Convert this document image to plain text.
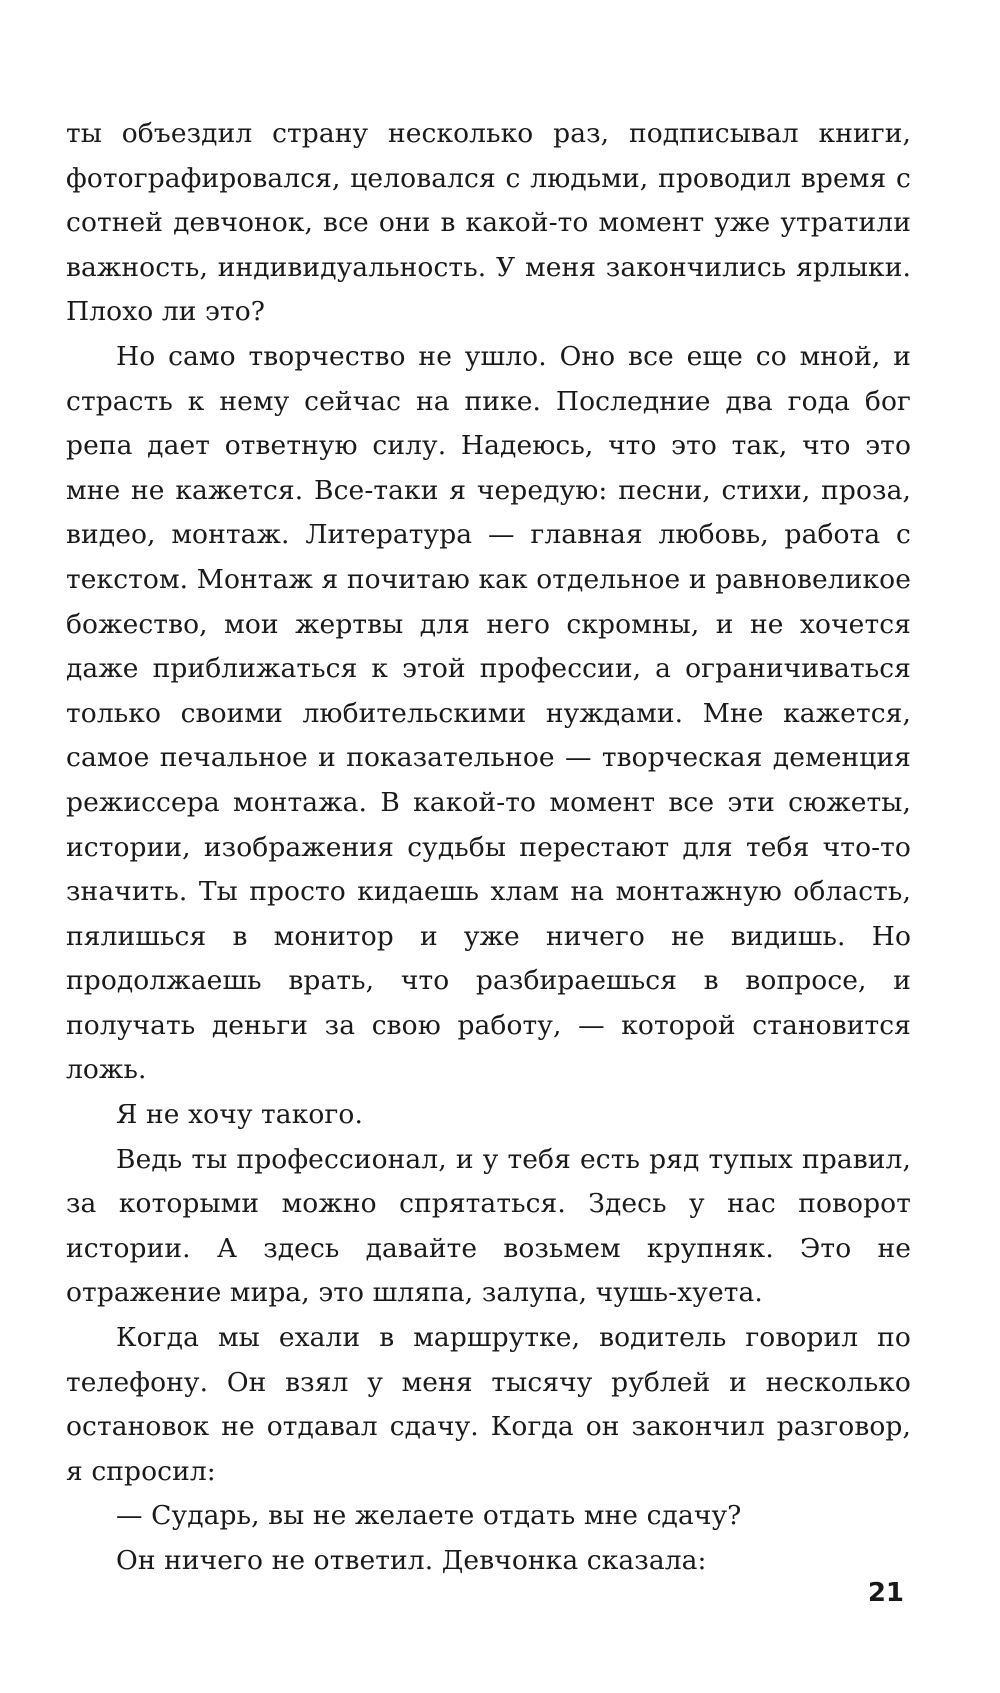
ты объездил страну несколько раз, подписывал книги, фотографировался, целовался с людьми, проводил время с сотней девчонок, все они в какой-то момент уже утратили важность, индивидуальность. У меня закончились ярлыки. Плохо ли это?

Но само творчество не ушло. Оно все еще со мной, и страсть к нему сейчас на пике. Последние два года бог репа дает ответную силу. Надеюсь, что это так, что это мне не кажется. Все-таки я чередую: песни, стихи, проза, видео, монтаж. Литература — главная любовь, работа с текстом. Монтаж я почитаю как отдельное и равновеликое божество, мои жертвы для него скромны, и не хочется даже приближаться к этой профессии, а ограничиваться только своими любительскими нуждами. Мне кажется, самое печальное и показательное — творческая деменция режиссера монтажа. В какой-то момент все эти сюжеты, истории, изображения судьбы перестают для тебя что-то значить. Ты просто кидаешь хлам на монтажную область, пялишься в монитор и уже ничего не видишь. Но продолжаешь врать, что разбираешься в вопросе, и получать деньги за свою работу, — которой становится ложь.

Я не хочу такого.

Ведь ты профессионал, и у тебя есть ряд тупых правил, за которыми можно спрятаться. Здесь у нас поворот истории. А здесь давайте возьмем крупняк. Это не отражение мира, это шляпа, залупа, чушь-хуета.

Когда мы ехали в маршрутке, водитель говорил по телефону. Он взял у меня тысячу рублей и несколько остановок не отдавал сдачу. Когда он закончил разговор, я спросил:

— Сударь, вы не желаете отдать мне сдачу?

Он ничего не ответил. Девчонка сказала:

21
